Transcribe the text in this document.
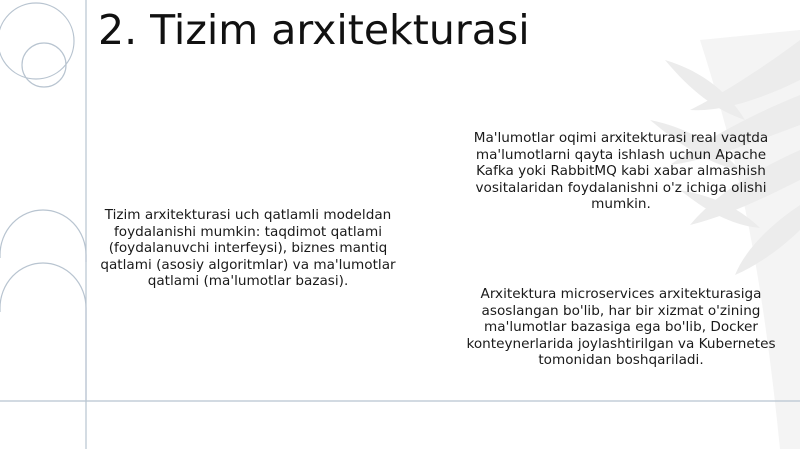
2. Tizim arxitekturasi

Tizim arxitekturasi uch qatlamli modeldan foydalanishi mumkin: taqdimot qatlami (foydalanuvchi interfeysi), biznes mantiq qatlami (asosiy algoritmlar) va ma'lumotlar qatlami (ma'lumotlar bazasi).

Ma'lumotlar oqimi arxitekturasi real vaqtda ma'lumotlarni qayta ishlash uchun Apache Kafka yoki RabbitMQ kabi xabar almashish vositalaridan foydalanishni o'z ichiga olishi mumkin.

Arxitektura microservices arxitekturasiga asoslangan bo'lib, har bir xizmat o'zining ma'lumotlar bazasiga ega bo'lib, Docker konteynerlarida joylashtirilgan va Kubernetes tomonidan boshqariladi.
